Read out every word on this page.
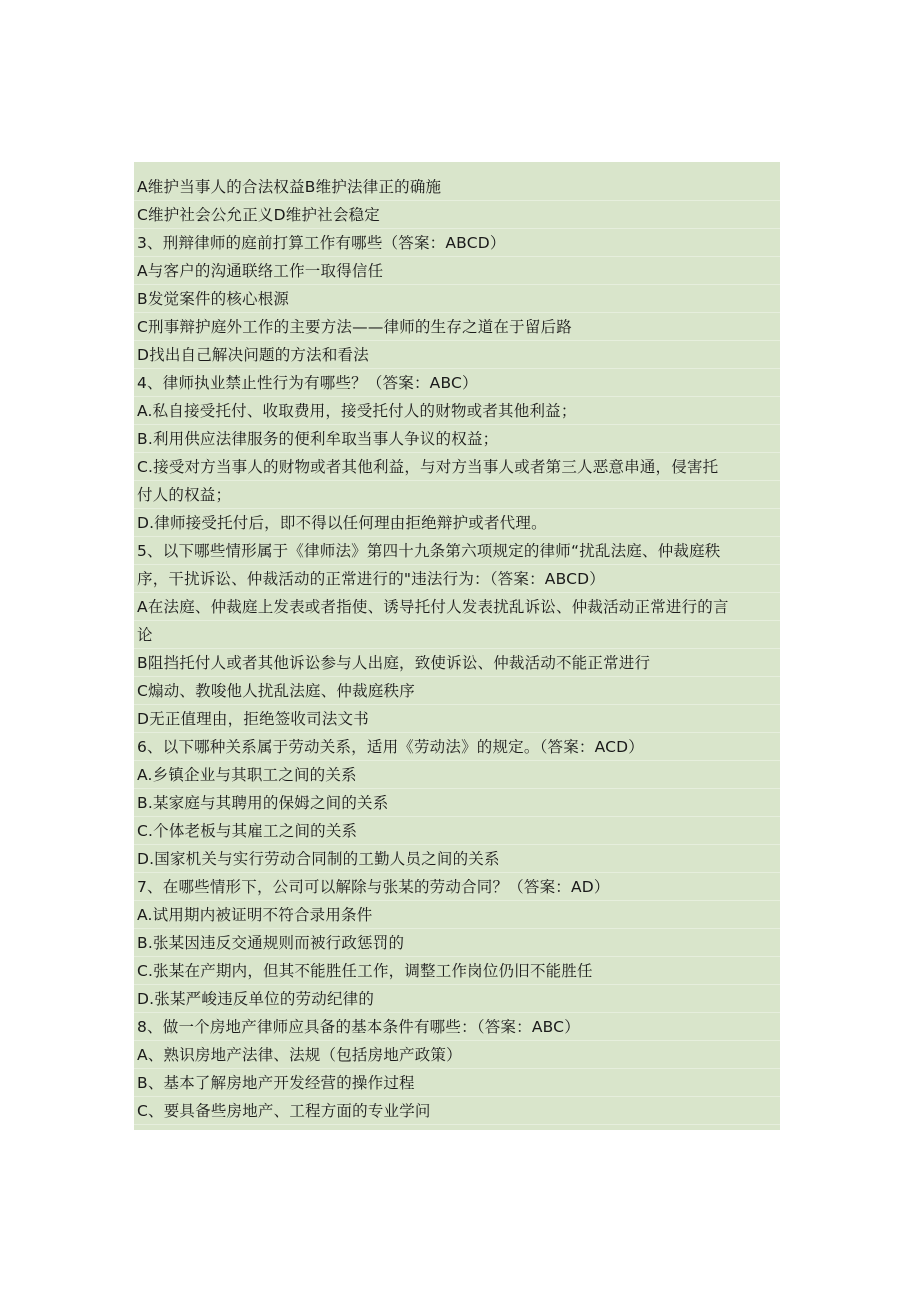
A维护当事人的合法权益B维护法律正的确施
C维护社会公允正义D维护社会稳定
3、刑辩律师的庭前打算工作有哪些（答案：ABCD）
A与客户的沟通联络工作一取得信任
B发觉案件的核心根源
C刑事辩护庭外工作的主要方法——律师的生存之道在于留后路
D找出自己解决问题的方法和看法
4、律师执业禁止性行为有哪些？（答案：ABC）
A.私自接受托付、收取费用，接受托付人的财物或者其他利益；
B.利用供应法律服务的便利牟取当事人争议的权益；
C.接受对方当事人的财物或者其他利益，与对方当事人或者第三人恶意串通，侵害托
付人的权益；
D.律师接受托付后，即不得以任何理由拒绝辩护或者代理。
5、以下哪些情形属于《律师法》第四十九条第六项规定的律师“扰乱法庭、仲裁庭秩
序，干扰诉讼、仲裁活动的正常进行的"违法行为：（答案：ABCD）
A在法庭、仲裁庭上发表或者指使、诱导托付人发表扰乱诉讼、仲裁活动正常进行的言
论
B阻挡托付人或者其他诉讼参与人出庭，致使诉讼、仲裁活动不能正常进行
C煽动、教唆他人扰乱法庭、仲裁庭秩序
D无正值理由，拒绝签收司法文书
6、以下哪种关系属于劳动关系，适用《劳动法》的规定。（答案：ACD）
A.乡镇企业与其职工之间的关系
B.某家庭与其聘用的保姆之间的关系
C.个体老板与其雇工之间的关系
D.国家机关与实行劳动合同制的工勤人员之间的关系
7、在哪些情形下，公司可以解除与张某的劳动合同？（答案：AD）
A.试用期内被证明不符合录用条件
B.张某因违反交通规则而被行政惩罚的
C.张某在产期内，但其不能胜任工作，调整工作岗位仍旧不能胜任
D.张某严峻违反单位的劳动纪律的
8、做一个房地产律师应具备的基本条件有哪些：（答案：ABC）
A、熟识房地产法律、法规（包括房地产政策）
B、基本了解房地产开发经营的操作过程
C、要具备些房地产、工程方面的专业学问
